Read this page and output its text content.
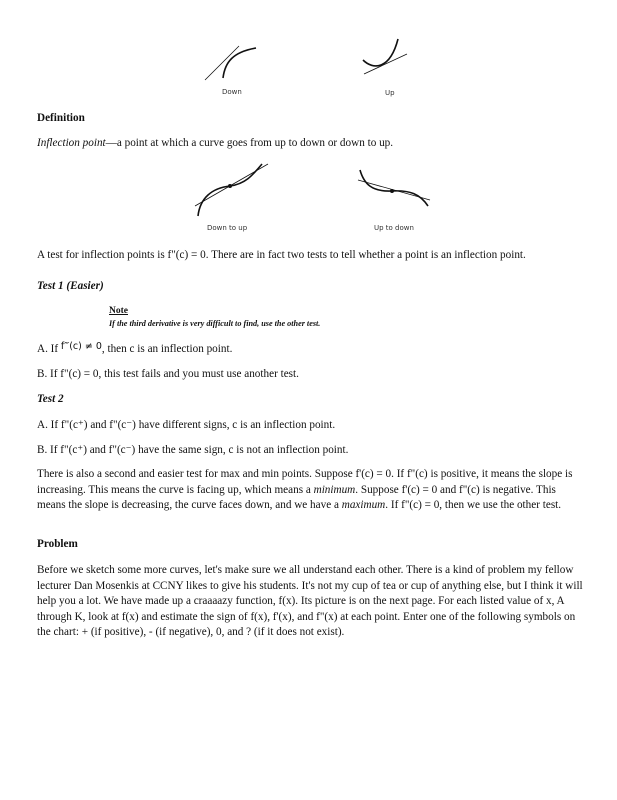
Down	Up

Definition

Inflection point—a point at which a curve goes from up to down or down to up.

Down to up	Up to down

A test for inflection points is f"(c) = 0. There are in fact two tests to tell whether a point is an inflection point.

Test 1 (Easier)

Note
If the third derivative is very difficult to find, use the other test.

A. If $^{f‴(c) \ne 0}$, then c is an inflection point.

B. If f"(c) = 0, this test fails and you must use another test.

Test 2

A. If f"(c⁺) and f"(c⁻) have different signs, c is an inflection point.

B. If f"(c⁺) and f"(c⁻) have the same sign, c is not an inflection point.

There is also a second and easier test for max and min points. Suppose f'(c) = 0. If f"(c) is positive, it means the slope is increasing. This means the curve is facing up, which means a minimum. Suppose f'(c) = 0 and f"(c) is negative. This means the slope is decreasing, the curve faces down, and we have a maximum. If f"(c) = 0, then we use the other test.

Problem

Before we sketch some more curves, let's make sure we all understand each other. There is a kind of problem my fellow lecturer Dan Mosenkis at CCNY likes to give his students. It's not my cup of tea or cup of anything else, but I think it will help you a lot. We have made up a craaaazy function, f(x). Its picture is on the next page. For each listed value of x, A through K, look at f(x) and estimate the sign of f(x), f'(x), and f"(x) at each point. Enter one of the following symbols on the chart: + (if positive), - (if negative), 0, and ? (if it does not exist).
